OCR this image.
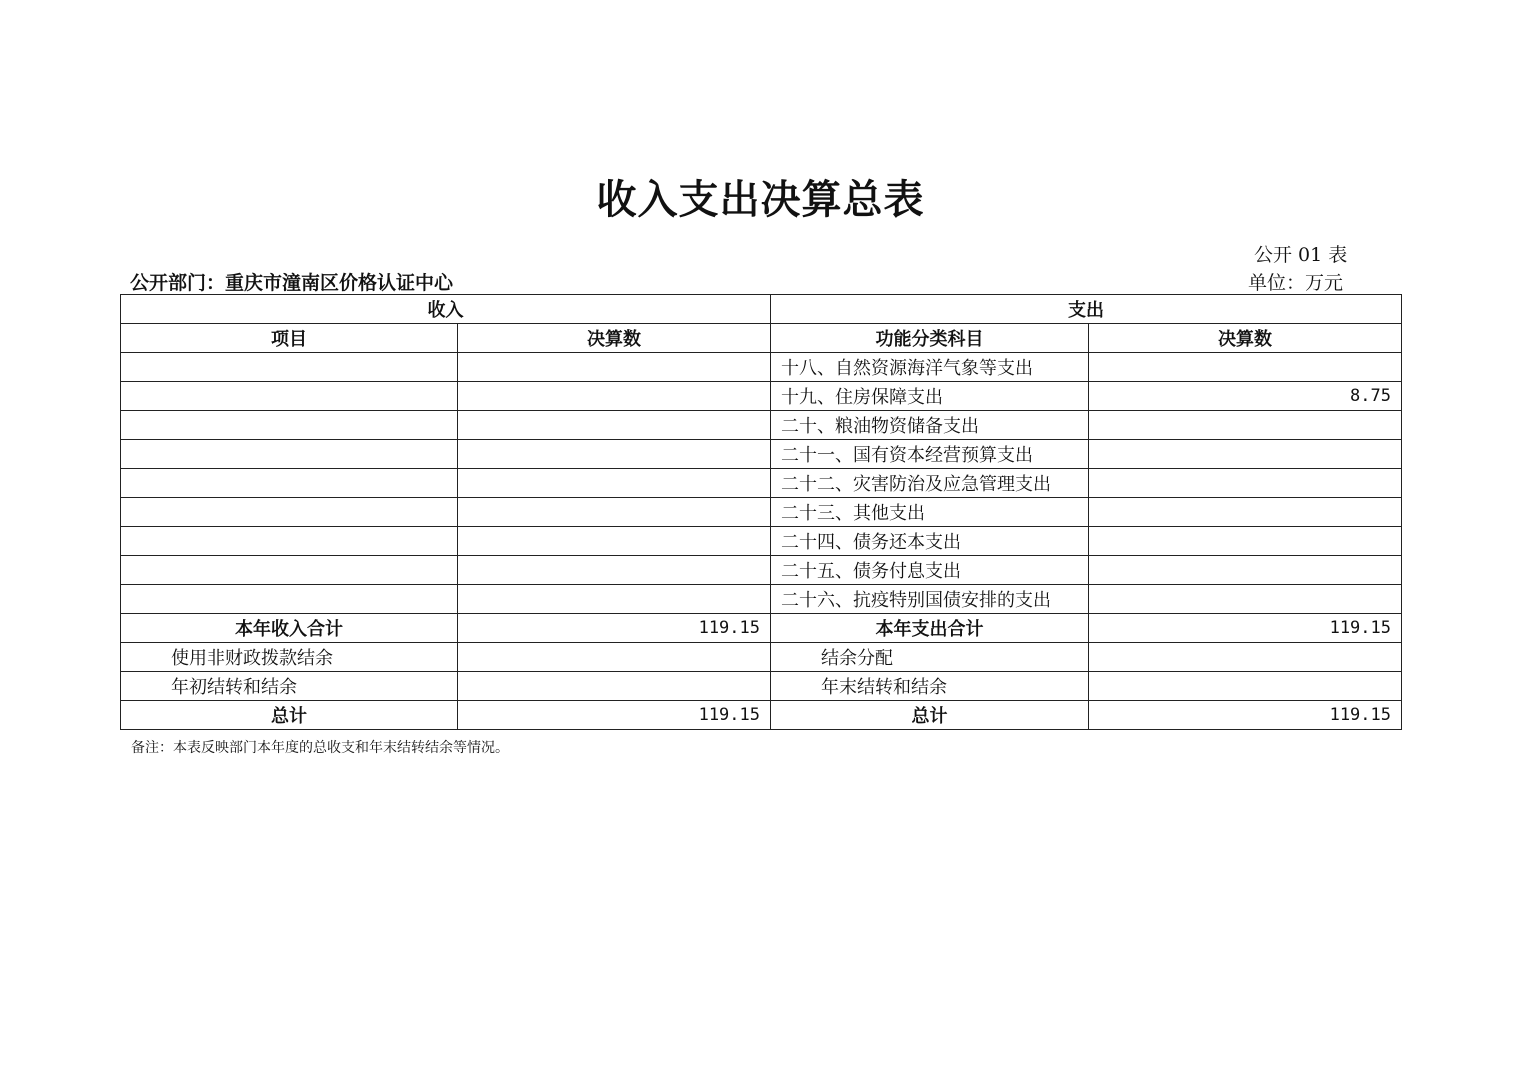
收入支出决算总表
公开 01 表
公开部门：重庆市潼南区价格认证中心	单位：万元
收入		支出	
项目	决算数	功能分类科目	决算数
		十八、自然资源海洋气象等支出	
		十九、住房保障支出	8.75
		二十、粮油物资储备支出	
		二十一、国有资本经营预算支出	
		二十二、灾害防治及应急管理支出	
		二十三、其他支出	
		二十四、债务还本支出	
		二十五、债务付息支出	
		二十六、抗疫特别国债安排的支出	
本年收入合计	119.15	本年支出合计	119.15
使用非财政拨款结余		结余分配	
年初结转和结余		年末结转和结余	
总计	119.15	总计	119.15
备注：本表反映部门本年度的总收支和年末结转结余等情况。
